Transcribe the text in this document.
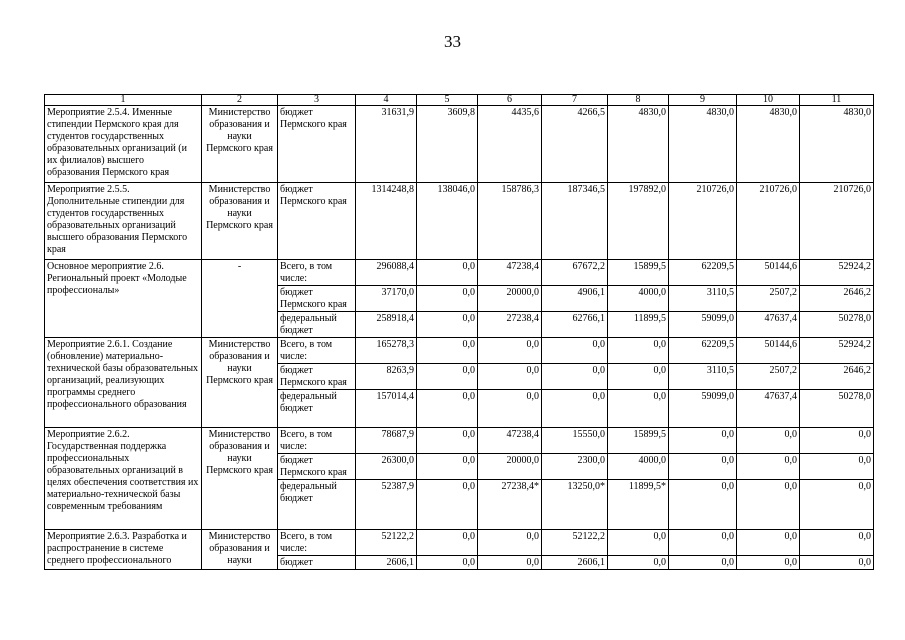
33
1	2	3	4	5	6	7	8	9	10	11
Мероприятие 2.5.4. Именные стипендии Пермского края для студентов государственных образовательных организаций (и их филиалов) высшего образования Пермского края	Министерство образования и науки Пермского края	бюджет Пермского края	31631,9	3609,8	4435,6	4266,5	4830,0	4830,0	4830,0	4830,0
Мероприятие 2.5.5. Дополнительные стипендии для студентов государственных образовательных организаций высшего образования Пермского края	Министерство образования и науки Пермского края	бюджет Пермского края	1314248,8	138046,0	158786,3	187346,5	197892,0	210726,0	210726,0	210726,0
Основное мероприятие 2.6. Региональный проект «Молодые профессионалы»	-	Всего, в том числе:	296088,4	0,0	47238,4	67672,2	15899,5	62209,5	50144,6	52924,2
		бюджет Пермского края	37170,0	0,0	20000,0	4906,1	4000,0	3110,5	2507,2	2646,2
		федеральный бюджет	258918,4	0,0	27238,4	62766,1	11899,5	59099,0	47637,4	50278,0
Мероприятие 2.6.1. Создание (обновление) материально-технической базы образовательных организаций, реализующих программы среднего профессионального образования	Министерство образования и науки Пермского края	Всего, в том числе:	165278,3	0,0	0,0	0,0	0,0	62209,5	50144,6	52924,2
		бюджет Пермского края	8263,9	0,0	0,0	0,0	0,0	3110,5	2507,2	2646,2
		федеральный бюджет	157014,4	0,0	0,0	0,0	0,0	59099,0	47637,4	50278,0
Мероприятие 2.6.2. Государственная поддержка профессиональных образовательных организаций в целях обеспечения соответствия их материально-технической базы современным требованиям	Министерство образования и науки Пермского края	Всего, в том числе:	78687,9	0,0	47238,4	15550,0	15899,5	0,0	0,0	0,0
		бюджет Пермского края	26300,0	0,0	20000,0	2300,0	4000,0	0,0	0,0	0,0
		федеральный бюджет	52387,9	0,0	27238,4*	13250,0*	11899,5*	0,0	0,0	0,0
Мероприятие 2.6.3. Разработка и распространение в системе среднего профессионального	Министерство образования и науки	Всего, в том числе:	52122,2	0,0	0,0	52122,2	0,0	0,0	0,0	0,0
		бюджет	2606,1	0,0	0,0	2606,1	0,0	0,0	0,0	0,0
